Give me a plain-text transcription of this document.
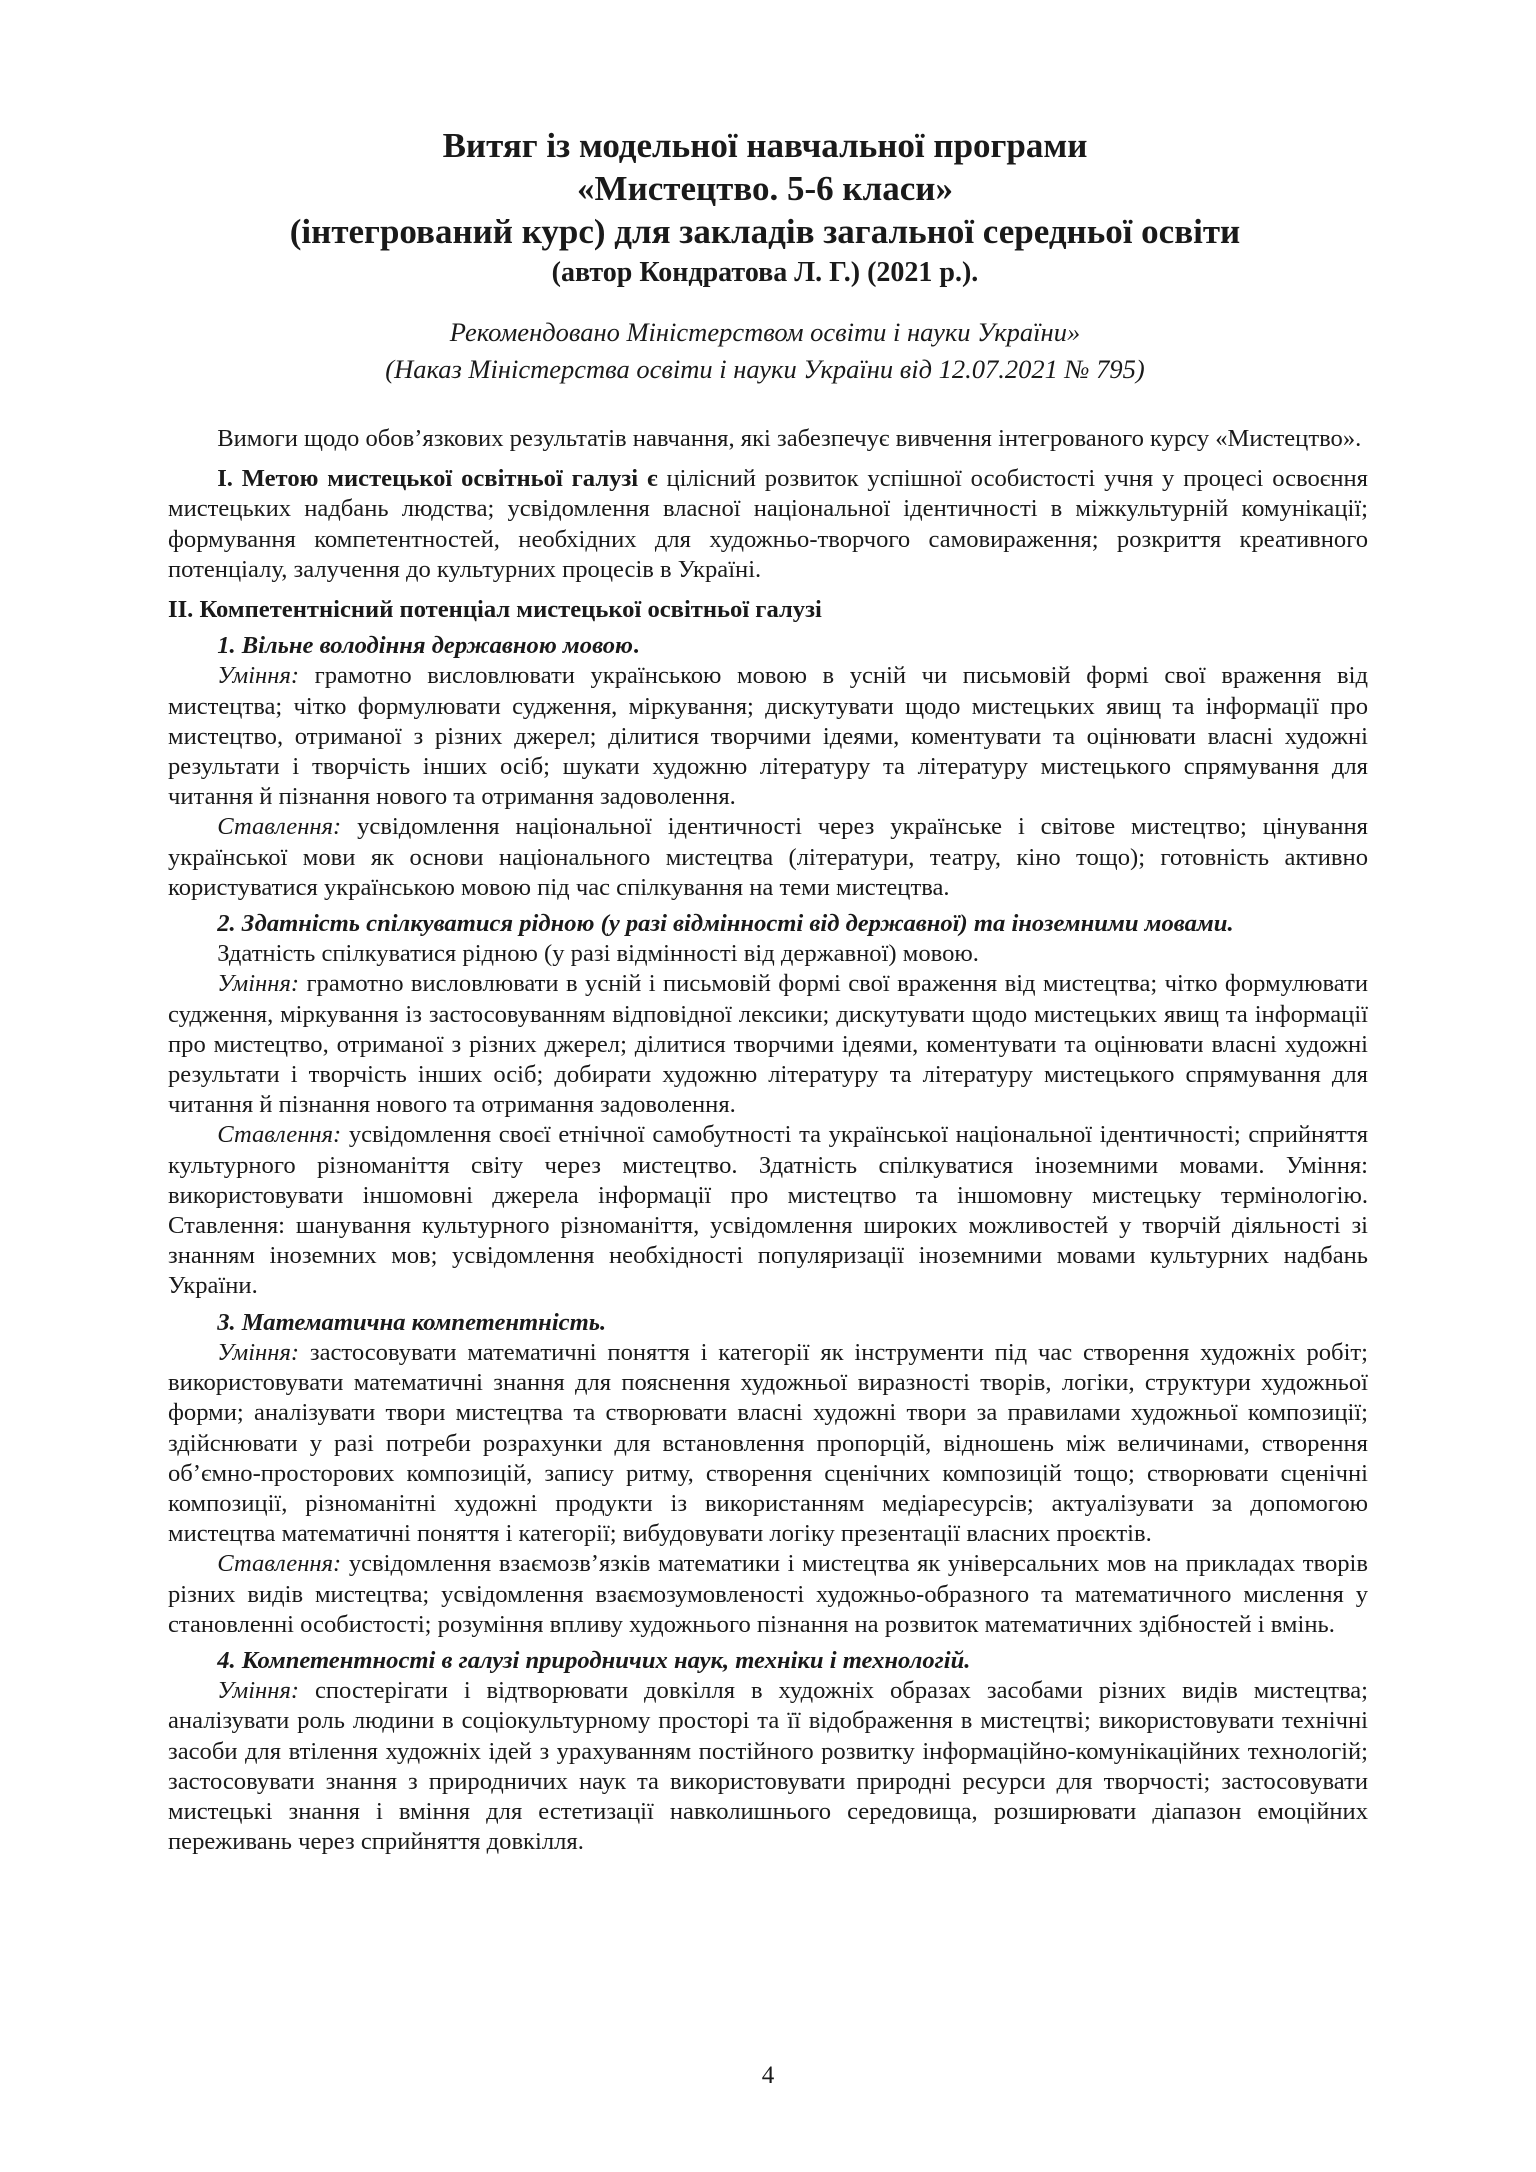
Витяг із модельної навчальної програми
«Мистецтво. 5-6 класи»
(інтегрований курс) для закладів загальної середньої освіти
(автор Кондратова Л. Г.) (2021 р.).
Рекомендовано Міністерством освіти і науки України»
(Наказ Міністерства освіти і науки України від 12.07.2021 № 795)

Вимоги щодо обов’язкових результатів навчання, які забезпечує вивчення інтегрованого курсу «Мистецтво».

І. Метою мистецької освітньої галузі є цілісний розвиток успішної особистості учня у процесі освоєння мистецьких надбань людства; усвідомлення власної національної ідентичності в міжкультурній комунікації; формування компетентностей, необхідних для художньо-творчого самовираження; розкриття креативного потенціалу, залучення до культурних процесів в Україні.

ІІ. Компетентнісний потенціал мистецької освітньої галузі

1. Вільне володіння державною мовою.

Уміння: грамотно висловлювати українською мовою в усній чи письмовій формі свої враження від мистецтва; чітко формулювати судження, міркування; дискутувати щодо мистецьких явищ та інформації про мистецтво, отриманої з різних джерел; ділитися творчими ідеями, коментувати та оцінювати власні художні результати і творчість інших осіб; шукати художню літературу та літературу мистецького спрямування для читання й пізнання нового та отримання задоволення.

Ставлення: усвідомлення національної ідентичності через українське і світове мистецтво; цінування української мови як основи національного мистецтва (літератури, театру, кіно тощо); готовність активно користуватися українською мовою під час спілкування на теми мистецтва.

2. Здатність спілкуватися рідною (у разі відмінності від державної) та іноземними мовами.

Здатність спілкуватися рідною (у разі відмінності від державної) мовою.

Уміння: грамотно висловлювати в усній і письмовій формі свої враження від мистецтва; чітко формулювати судження, міркування із застосовуванням відповідної лексики; дискутувати щодо мистецьких явищ та інформації про мистецтво, отриманої з різних джерел; ділитися творчими ідеями, коментувати та оцінювати власні художні результати і творчість інших осіб; добирати художню літературу та літературу мистецького спрямування для читання й пізнання нового та отримання задоволення.

Ставлення: усвідомлення своєї етнічної самобутності та української національної ідентичності; сприйняття культурного різноманіття світу через мистецтво. Здатність спілкуватися іноземними мовами. Уміння: використовувати іншомовні джерела інформації про мистецтво та іншомовну мистецьку термінологію. Ставлення: шанування культурного різноманіття, усвідомлення широких можливостей у творчій діяльності зі знанням іноземних мов; усвідомлення необхідності популяризації іноземними мовами культурних надбань України.

3. Математична компетентність.

Уміння: застосовувати математичні поняття і категорії як інструменти під час створення художніх робіт; використовувати математичні знання для пояснення художньої виразності творів, логіки, структури художньої форми; аналізувати твори мистецтва та створювати власні художні твори за правилами художньої композиції; здійснювати у разі потреби розрахунки для встановлення пропорцій, відношень між величинами, створення об’ємно-просторових композицій, запису ритму, створення сценічних композицій тощо; створювати сценічні композиції, різноманітні художні продукти із використанням медіаресурсів; актуалізувати за допомогою мистецтва математичні поняття і категорії; вибудовувати логіку презентації власних проєктів.

Ставлення: усвідомлення взаємозв’язків математики і мистецтва як універсальних мов на прикладах творів різних видів мистецтва; усвідомлення взаємозумовленості художньо-образного та математичного мислення у становленні особистості; розуміння впливу художнього пізнання на розвиток математичних здібностей і вмінь.

4. Компетентності в галузі природничих наук, техніки і технологій.

Уміння: спостерігати і відтворювати довкілля в художніх образах засобами різних видів мистецтва; аналізувати роль людини в соціокультурному просторі та її відображення в мистецтві; використовувати технічні засоби для втілення художніх ідей з урахуванням постійного розвитку інформаційно-комунікаційних технологій; застосовувати знання з природничих наук та використовувати природні ресурси для творчості; застосовувати мистецькі знання і вміння для естетизації навколишнього середовища, розширювати діапазон емоційних переживань через сприйняття довкілля.

4
